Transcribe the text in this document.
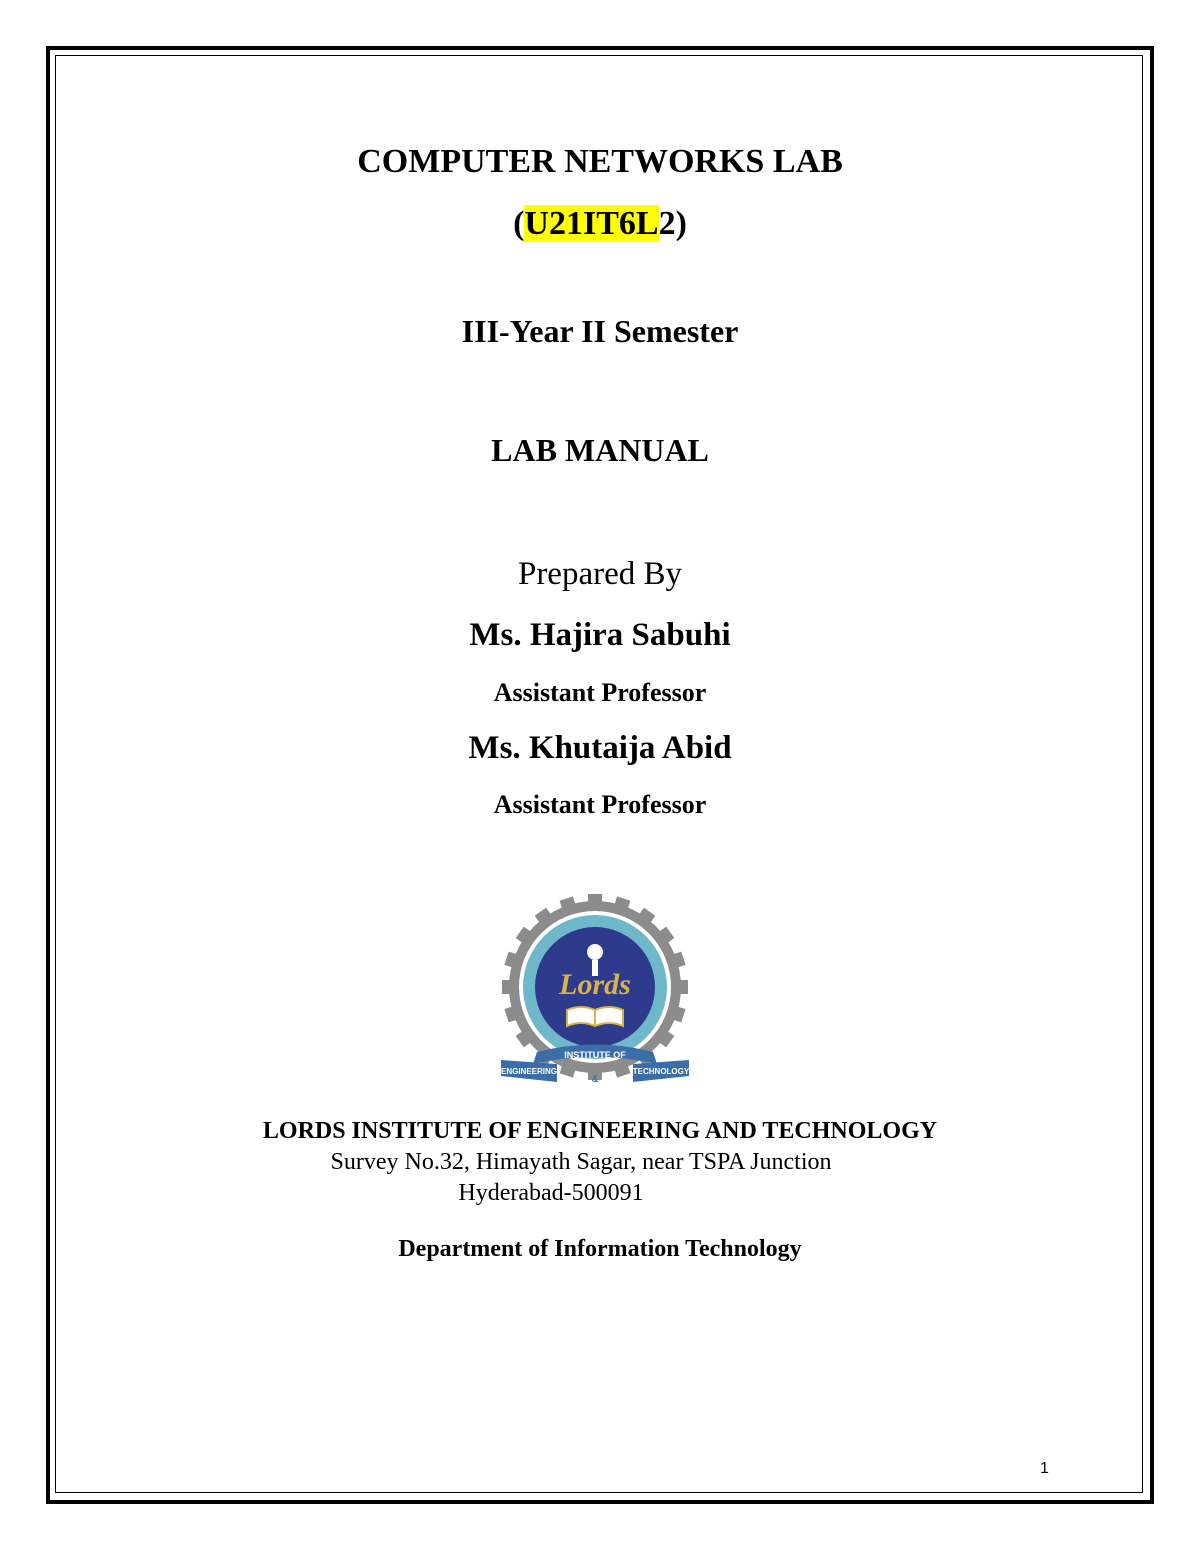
COMPUTER NETWORKS LAB
(U21IT6L2)
III-Year II Semester
LAB MANUAL
Prepared By
Ms. Hajira Sabuhi
Assistant Professor
Ms. Khutaija Abid
Assistant Professor
Lords
INSTITUTE OF
ENGINEERING
&
TECHNOLOGY
LORDS INSTITUTE OF ENGINEERING AND TECHNOLOGY
Survey No.32, Himayath Sagar, near TSPA Junction
Hyderabad-500091
Department of Information Technology
1
